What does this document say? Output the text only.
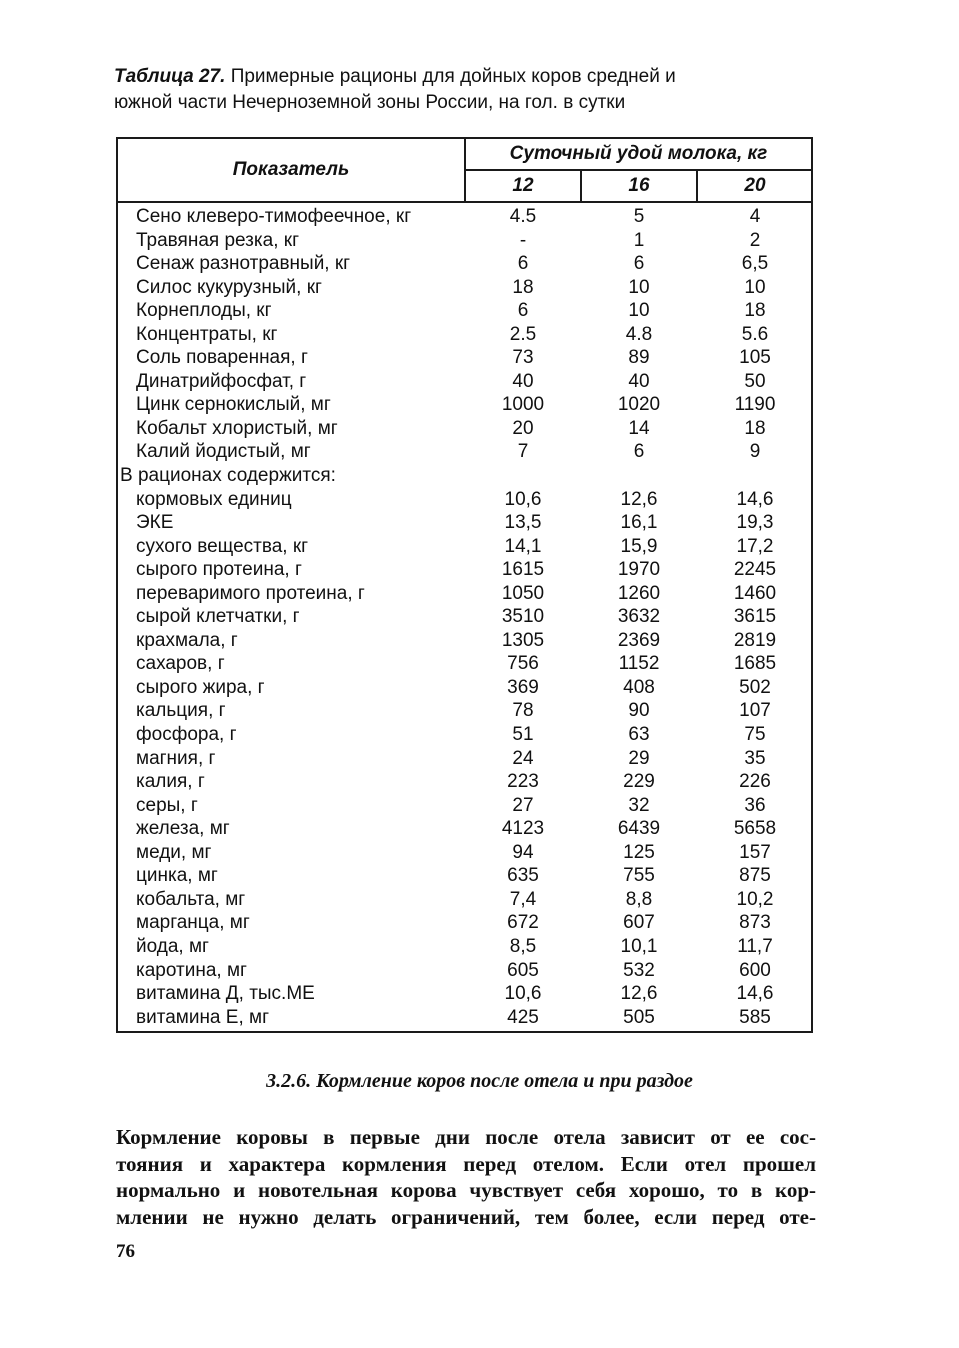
Таблица 27. Примерные рационы для дойных коров средней и
южной части Нечерноземной зоны России, на гол. в сутки
Показатель
Суточный удой молока, кг
12	16	20
Сено клеверо-тимофеечное, кг	4.5	5	4
Травяная резка, кг	-	1	2
Сенаж разнотравный, кг	6	6	6,5
Силос кукурузный, кг	18	10	10
Корнеплоды, кг	6	10	18
Концентраты, кг	2.5	4.8	5.6
Соль поваренная, г	73	89	105
Динатрийфосфат, г	40	40	50
Цинк сернокислый, мг	1000	1020	1190
Кобальт хлористый, мг	20	14	18
Калий йодистый, мг	7	6	9
В рационах содержится:
кормовых единиц	10,6	12,6	14,6
ЭКЕ	13,5	16,1	19,3
сухого вещества, кг	14,1	15,9	17,2
сырого протеина, г	1615	1970	2245
переваримого протеина, г	1050	1260	1460
сырой клетчатки, г	3510	3632	3615
крахмала, г	1305	2369	2819
сахаров, г	756	1152	1685
сырого жира, г	369	408	502
кальция, г	78	90	107
фосфора, г	51	63	75
магния, г	24	29	35
калия, г	223	229	226
серы, г	27	32	36
железа, мг	4123	6439	5658
меди, мг	94	125	157
цинка, мг	635	755	875
кобальта, мг	7,4	8,8	10,2
марганца, мг	672	607	873
йода, мг	8,5	10,1	11,7
каротина, мг	605	532	600
витамина Д, тыс.МЕ	10,6	12,6	14,6
витамина Е, мг	425	505	585
3.2.6. Кормление коров после отела и при раздое
Кормление коровы в первые дни после отела зависит от ее сос-
тояния и характера кормления перед отелом. Если отел прошел
нормально и новотельная корова чувствует себя хорошо, то в кор-
млении не нужно делать ограничений, тем более, если перед оте-
76
